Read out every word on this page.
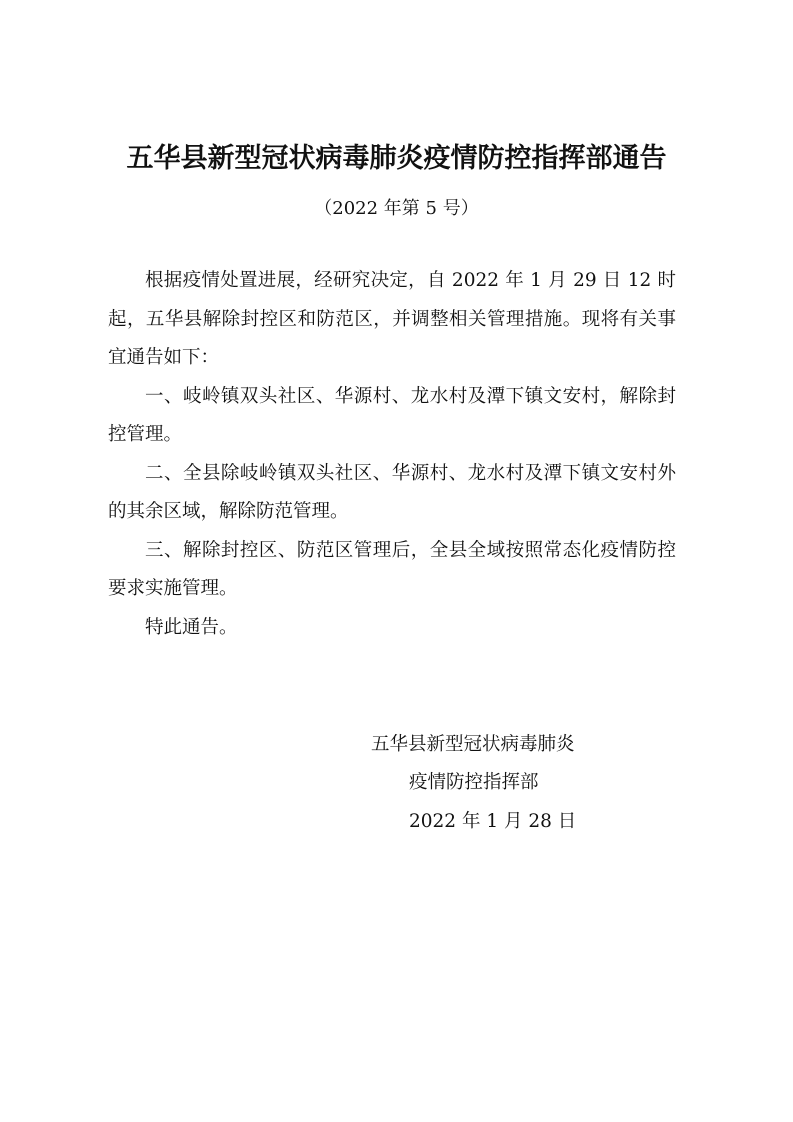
五华县新型冠状病毒肺炎疫情防控指挥部通告
（2022 年第 5 号）

根据疫情处置进展，经研究决定，自 2022 年 1 月 29 日 12 时起，五华县解除封控区和防范区，并调整相关管理措施。现将有关事宜通告如下：

一、岐岭镇双头社区、华源村、龙水村及潭下镇文安村，解除封控管理。

二、全县除岐岭镇双头社区、华源村、龙水村及潭下镇文安村外的其余区域，解除防范管理。

三、解除封控区、防范区管理后，全县全域按照常态化疫情防控要求实施管理。

特此通告。

五华县新型冠状病毒肺炎
疫情防控指挥部
2022 年 1 月 28 日
